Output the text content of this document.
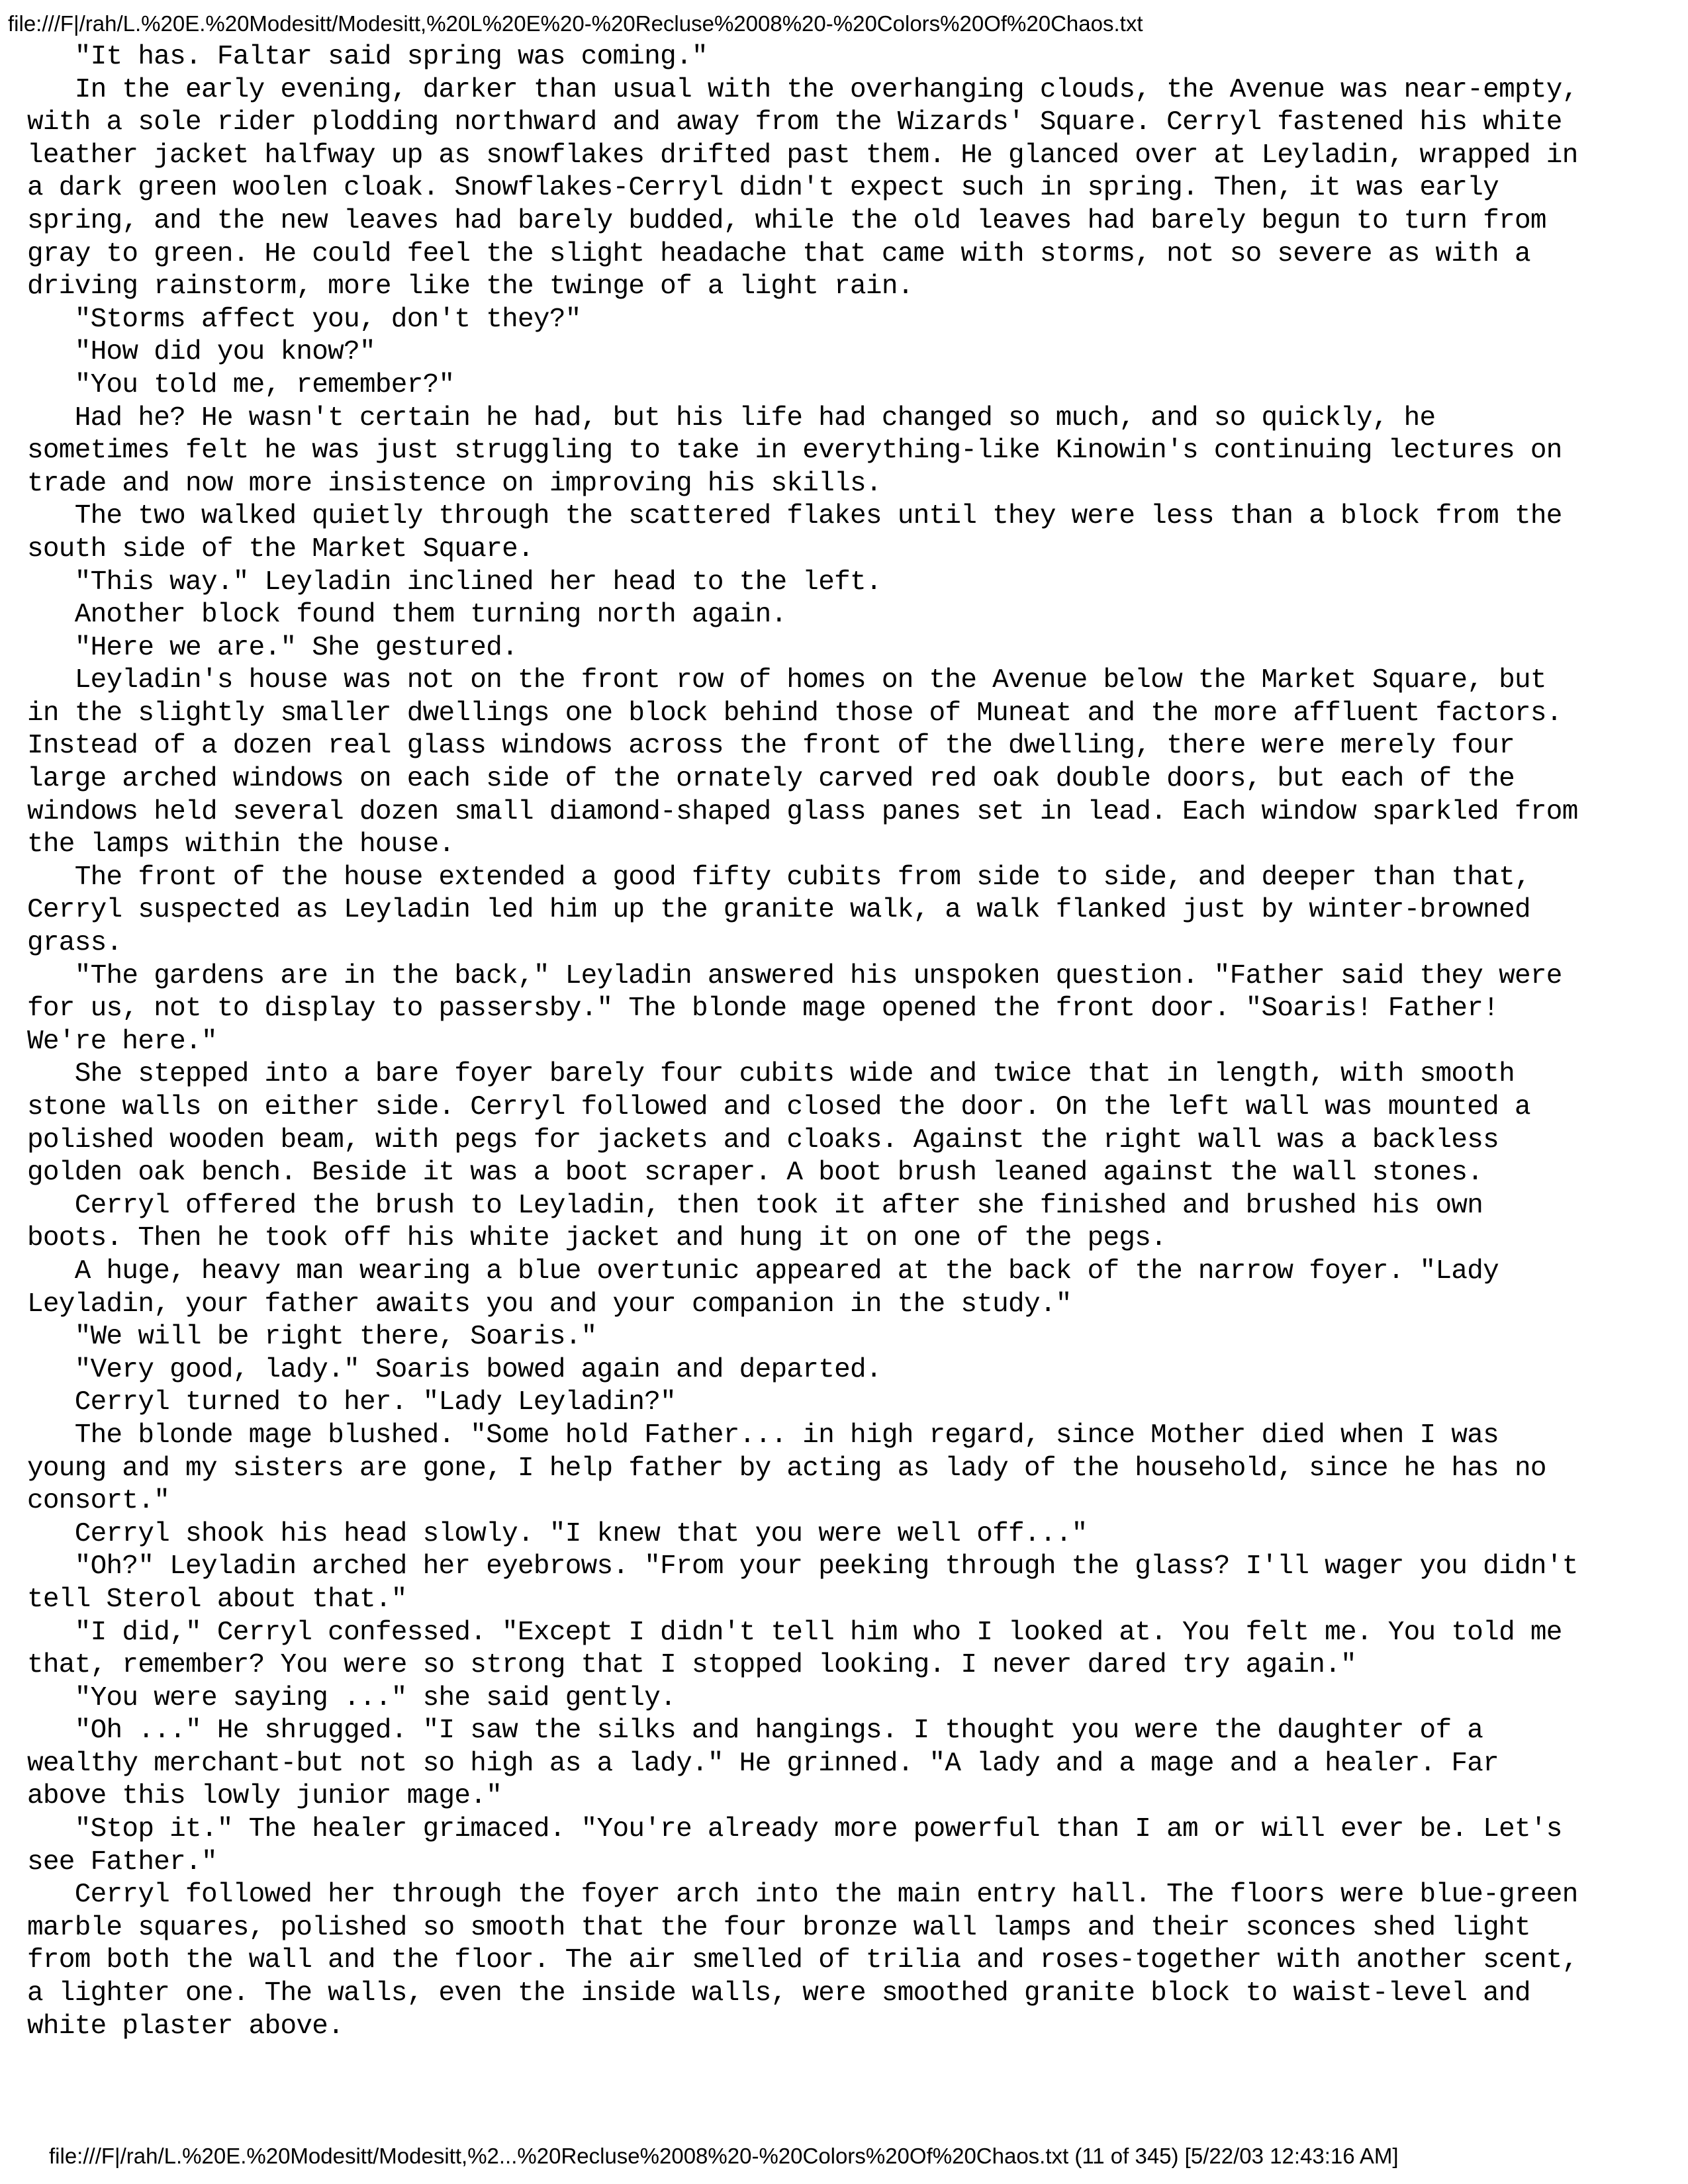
file:///F|/rah/L.%20E.%20Modesitt/Modesitt,%20L%20E%20-%20Recluse%2008%20-%20Colors%20Of%20Chaos.txt
"It has. Faltar said spring was coming."
In the early evening, darker than usual with the overhanging clouds, the Avenue was near-empty,
with a sole rider plodding northward and away from the Wizards' Square. Cerryl fastened his white
leather jacket halfway up as snowflakes drifted past them. He glanced over at Leyladin, wrapped in
a dark green woolen cloak. Snowflakes-Cerryl didn't expect such in spring. Then, it was early
spring, and the new leaves had barely budded, while the old leaves had barely begun to turn from
gray to green. He could feel the slight headache that came with storms, not so severe as with a
driving rainstorm, more like the twinge of a light rain.
"Storms affect you, don't they?"
"How did you know?"
"You told me, remember?"
Had he? He wasn't certain he had, but his life had changed so much, and so quickly, he
sometimes felt he was just struggling to take in everything-like Kinowin's continuing lectures on
trade and now more insistence on improving his skills.
The two walked quietly through the scattered flakes until they were less than a block from the
south side of the Market Square.
"This way." Leyladin inclined her head to the left.
Another block found them turning north again.
"Here we are." She gestured.
Leyladin's house was not on the front row of homes on the Avenue below the Market Square, but
in the slightly smaller dwellings one block behind those of Muneat and the more affluent factors.
Instead of a dozen real glass windows across the front of the dwelling, there were merely four
large arched windows on each side of the ornately carved red oak double doors, but each of the
windows held several dozen small diamond-shaped glass panes set in lead. Each window sparkled from
the lamps within the house.
The front of the house extended a good fifty cubits from side to side, and deeper than that,
Cerryl suspected as Leyladin led him up the granite walk, a walk flanked just by winter-browned
grass.
"The gardens are in the back," Leyladin answered his unspoken question. "Father said they were
for us, not to display to passersby." The blonde mage opened the front door. "Soaris! Father!
We're here."
She stepped into a bare foyer barely four cubits wide and twice that in length, with smooth
stone walls on either side. Cerryl followed and closed the door. On the left wall was mounted a
polished wooden beam, with pegs for jackets and cloaks. Against the right wall was a backless
golden oak bench. Beside it was a boot scraper. A boot brush leaned against the wall stones.
Cerryl offered the brush to Leyladin, then took it after she finished and brushed his own
boots. Then he took off his white jacket and hung it on one of the pegs.
A huge, heavy man wearing a blue overtunic appeared at the back of the narrow foyer. "Lady
Leyladin, your father awaits you and your companion in the study."
"We will be right there, Soaris."
"Very good, lady." Soaris bowed again and departed.
Cerryl turned to her. "Lady Leyladin?"
The blonde mage blushed. "Some hold Father... in high regard, since Mother died when I was
young and my sisters are gone, I help father by acting as lady of the household, since he has no
consort."
Cerryl shook his head slowly. "I knew that you were well off..."
"Oh?" Leyladin arched her eyebrows. "From your peeking through the glass? I'll wager you didn't
tell Sterol about that."
"I did," Cerryl confessed. "Except I didn't tell him who I looked at. You felt me. You told me
that, remember? You were so strong that I stopped looking. I never dared try again."
"You were saying ..." she said gently.
"Oh ..." He shrugged. "I saw the silks and hangings. I thought you were the daughter of a
wealthy merchant-but not so high as a lady." He grinned. "A lady and a mage and a healer. Far
above this lowly junior mage."
"Stop it." The healer grimaced. "You're already more powerful than I am or will ever be. Let's
see Father."
Cerryl followed her through the foyer arch into the main entry hall. The floors were blue-green
marble squares, polished so smooth that the four bronze wall lamps and their sconces shed light
from both the wall and the floor. The air smelled of trilia and roses-together with another scent,
a lighter one. The walls, even the inside walls, were smoothed granite block to waist-level and
white plaster above.
file:///F|/rah/L.%20E.%20Modesitt/Modesitt,%2...%20Recluse%2008%20-%20Colors%20Of%20Chaos.txt (11 of 345) [5/22/03 12:43:16 AM]
